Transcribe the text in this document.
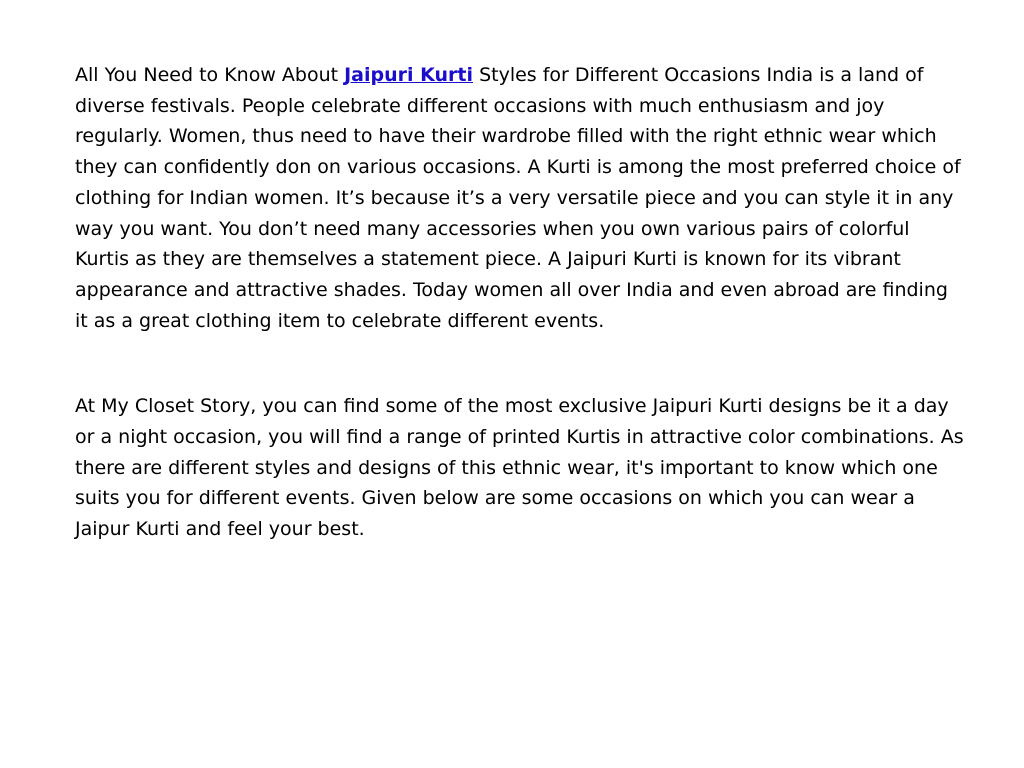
All You Need to Know About Jaipuri Kurti Styles for Different Occasions India is a land of diverse festivals. People celebrate different occasions with much enthusiasm and joy regularly. Women, thus need to have their wardrobe filled with the right ethnic wear which they can confidently don on various occasions. A Kurti is among the most preferred choice of clothing for Indian women. It’s because it’s a very versatile piece and you can style it in any way you want. You don’t need many accessories when you own various pairs of colorful Kurtis as they are themselves a statement piece. A Jaipuri Kurti is known for its vibrant appearance and attractive shades. Today women all over India and even abroad are finding it as a great clothing item to celebrate different events.

At My Closet Story, you can find some of the most exclusive Jaipuri Kurti designs be it a day or a night occasion, you will find a range of printed Kurtis in attractive color combinations. As there are different styles and designs of this ethnic wear, it's important to know which one suits you for different events. Given below are some occasions on which you can wear a Jaipur Kurti and feel your best.
